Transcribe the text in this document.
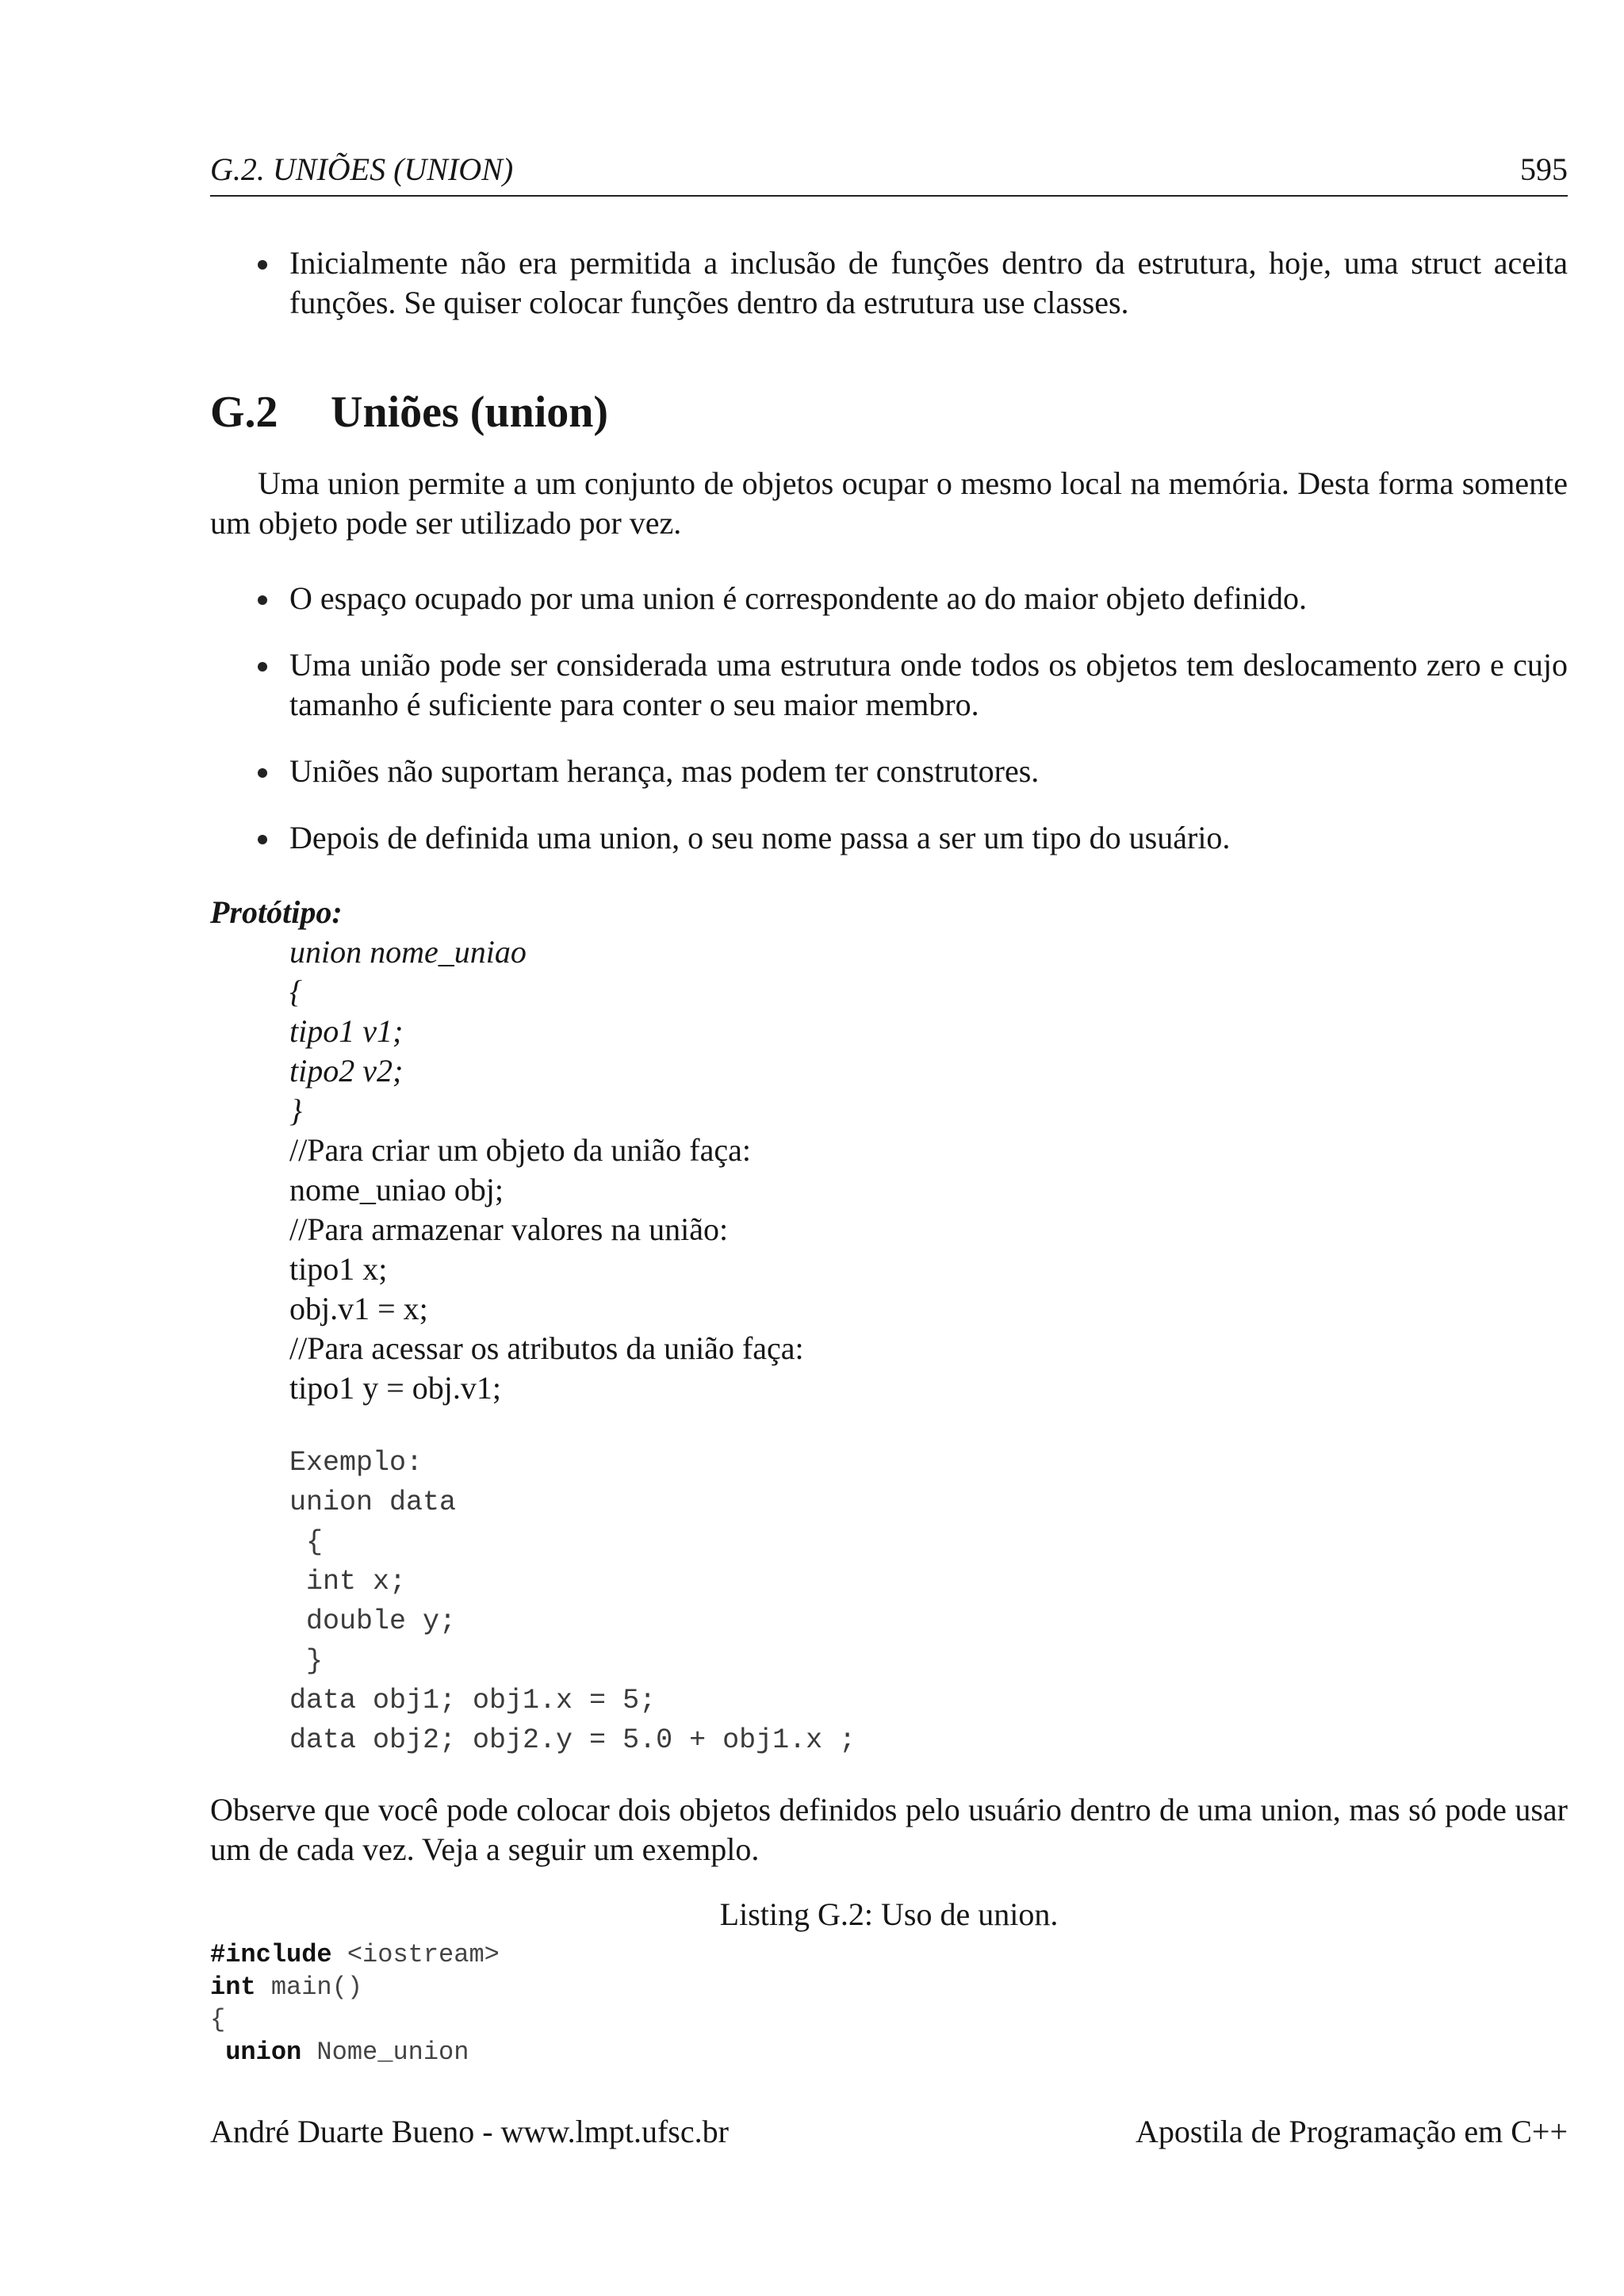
G.2. UNIÕES (UNION)	595
Inicialmente não era permitida a inclusão de funções dentro da estrutura, hoje, uma struct aceita funções. Se quiser colocar funções dentro da estrutura use classes.
G.2 Uniões (union)
Uma union permite a um conjunto de objetos ocupar o mesmo local na memória. Desta forma somente um objeto pode ser utilizado por vez.
O espaço ocupado por uma union é correspondente ao do maior objeto definido.
Uma união pode ser considerada uma estrutura onde todos os objetos tem deslocamento zero e cujo tamanho é suficiente para conter o seu maior membro.
Uniões não suportam herança, mas podem ter construtores.
Depois de definida uma union, o seu nome passa a ser um tipo do usuário.
Protótipo:
union nome_uniao
{
tipo1 v1;
tipo2 v2;
}
//Para criar um objeto da união faça:
nome_uniao obj;
//Para armazenar valores na união:
tipo1 x;
obj.v1 = x;
//Para acessar os atributos da união faça:
tipo1 y = obj.v1;
Exemplo:
union data
{
int x;
double y;
}
data obj1; obj1.x = 5;
data obj2; obj2.y = 5.0 + obj1.x ;
Observe que você pode colocar dois objetos definidos pelo usuário dentro de uma union, mas só pode usar um de cada vez. Veja a seguir um exemplo.
Listing G.2: Uso de union.
#include <iostream>
int main()
{
union Nome_union
André Duarte Bueno - www.lmpt.ufsc.br	Apostila de Programação em C++
